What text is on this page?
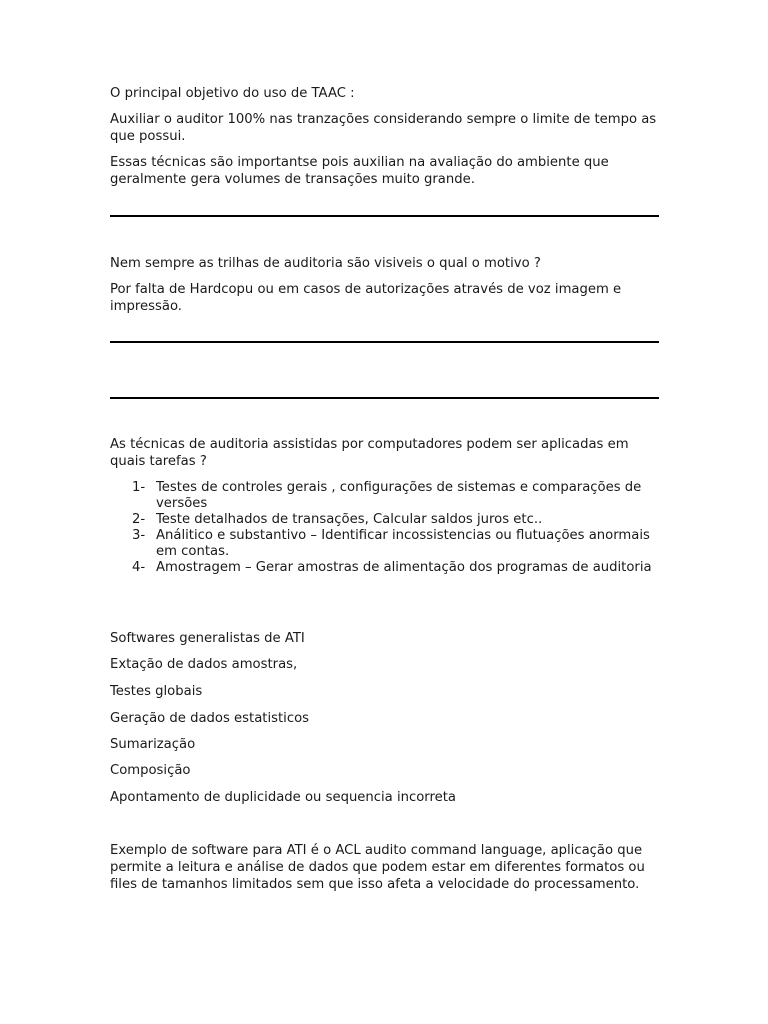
O principal objetivo do uso de TAAC :

Auxiliar o auditor 100% nas tranzações considerando sempre o limite de tempo as que possui.

Essas técnicas são importantse pois auxilian na avaliação do ambiente que geralmente gera volumes de transações muito grande.

Nem sempre as trilhas de auditoria são visiveis o qual o motivo ?

Por falta de Hardcopu ou em casos de autorizações através de voz imagem e impressão.

As técnicas de auditoria assistidas por computadores podem ser aplicadas em quais tarefas ?

1- Testes de controles gerais , configurações de sistemas e comparações de versões
2- Teste detalhados de transações, Calcular saldos juros etc..
3- Análitico e substantivo – Identificar incossistencias ou flutuações anormais em contas.
4- Amostragem – Gerar amostras de alimentação dos programas de auditoria

Softwares generalistas de ATI

Extação de dados amostras,

Testes globais

Geração de dados estatisticos

Sumarização

Composição

Apontamento de duplicidade ou sequencia incorreta

Exemplo de software para ATI é o ACL audito command language, aplicação que permite a leitura e análise de dados que podem estar em diferentes formatos ou files de tamanhos limitados sem que isso afeta a velocidade do processamento.
